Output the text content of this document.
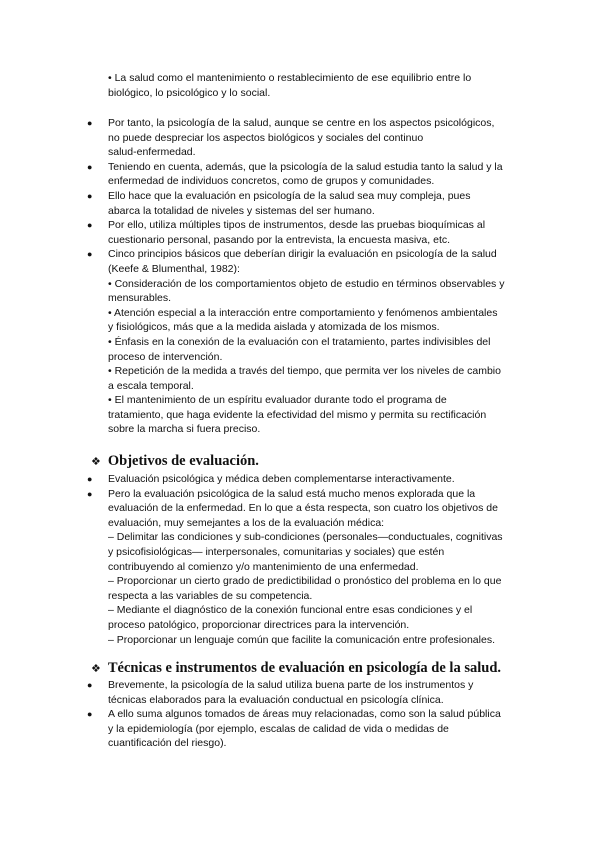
• La salud como el mantenimiento o restablecimiento de ese equilibrio entre lo

biológico, lo psicológico y lo social.

● Por tanto, la psicología de la salud, aunque se centre en los aspectos psicológicos,

no puede despreciar los aspectos biológicos y sociales del continuo

salud-enfermedad.

● Teniendo en cuenta, además, que la psicología de la salud estudia tanto la salud y la

enfermedad de individuos concretos, como de grupos y comunidades.

● Ello hace que la evaluación en psicología de la salud sea muy compleja, pues

abarca la totalidad de niveles y sistemas del ser humano.

● Por ello, utiliza múltiples tipos de instrumentos, desde las pruebas bioquímicas al

cuestionario personal, pasando por la entrevista, la encuesta masiva, etc.

● Cinco principios básicos que deberían dirigir la evaluación en psicología de la salud

(Keefe & Blumenthal, 1982):

• Consideración de los comportamientos objeto de estudio en términos observables y

mensurables.

• Atención especial a la interacción entre comportamiento y fenómenos ambientales

y fisiológicos, más que a la medida aislada y atomizada de los mismos.

• Énfasis en la conexión de la evaluación con el tratamiento, partes indivisibles del

proceso de intervención.

• Repetición de la medida a través del tiempo, que permita ver los niveles de cambio

a escala temporal.

• El mantenimiento de un espíritu evaluador durante todo el programa de

tratamiento, que haga evidente la efectividad del mismo y permita su rectificación

sobre la marcha si fuera preciso.

❖ Objetivos de evaluación.
● Evaluación psicológica y médica deben complementarse interactivamente.

● Pero la evaluación psicológica de la salud está mucho menos explorada que la

evaluación de la enfermedad. En lo que a ésta respecta, son cuatro los objetivos de

evaluación, muy semejantes a los de la evaluación médica:

– Delimitar las condiciones y sub-condiciones (personales—conductuales, cognitivas

y psicofisiológicas— interpersonales, comunitarias y sociales) que estén

contribuyendo al comienzo y/o mantenimiento de una enfermedad.

– Proporcionar un cierto grado de predictibilidad o pronóstico del problema en lo que

respecta a las variables de su competencia.

– Mediante el diagnóstico de la conexión funcional entre esas condiciones y el

proceso patológico, proporcionar directrices para la intervención.

– Proporcionar un lenguaje común que facilite la comunicación entre profesionales.

❖ Técnicas e instrumentos de evaluación en psicología de la salud.
● Brevemente, la psicología de la salud utiliza buena parte de los instrumentos y

técnicas elaborados para la evaluación conductual en psicología clínica.

● A ello suma algunos tomados de áreas muy relacionadas, como son la salud pública

y la epidemiología (por ejemplo, escalas de calidad de vida o medidas de

cuantificación del riesgo).
